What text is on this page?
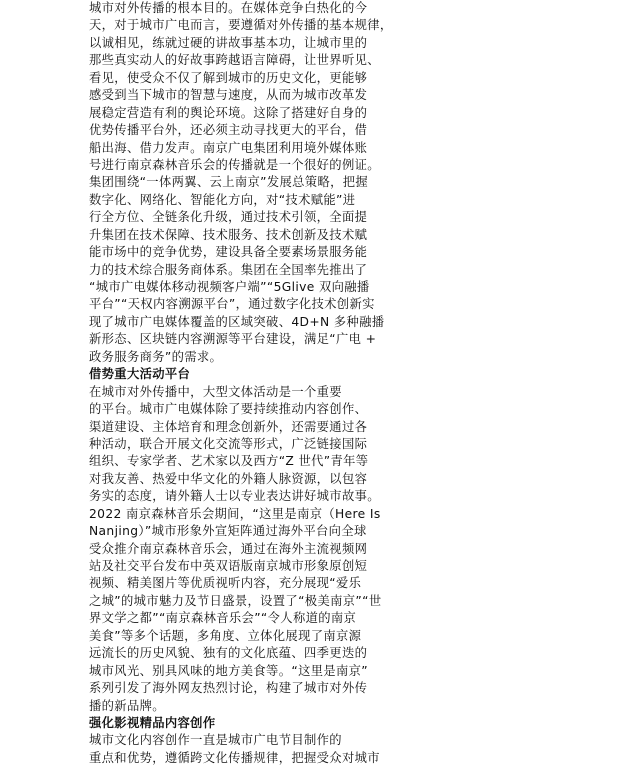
城市对外传播的根本目的。在媒体竞争白热化的今
天，对于城市广电而言，要遵循对外传播的基本规律，
以诚相见，练就过硬的讲故事基本功，让城市里的
那些真实动人的好故事跨越语言障碍，让世界听见、
看见，使受众不仅了解到城市的历史文化，更能够
感受到当下城市的智慧与速度，从而为城市改革发
展稳定营造有利的舆论环境。这除了搭建好自身的
优势传播平台外，还必须主动寻找更大的平台，借
船出海、借力发声。南京广电集团利用境外媒体账
号进行南京森林音乐会的传播就是一个很好的例证。
集团围绕“一体两翼、云上南京”发展总策略，把握
数字化、网络化、智能化方向，对“技术赋能”进
行全方位、全链条化升级，通过技术引领，全面提
升集团在技术保障、技术服务、技术创新及技术赋
能市场中的竞争优势，建设具备全要素场景服务能
力的技术综合服务商体系。集团在全国率先推出了
“城市广电媒体移动视频客户端”“5Glive 双向融播
平台”“天权内容溯源平台”，通过数字化技术创新实
现了城市广电媒体覆盖的区域突破、4D+N 多种融播
新形态、区块链内容溯源等平台建设，满足“广电 +
政务服务商务”的需求。
借势重大活动平台
在城市对外传播中，大型文体活动是一个重要
的平台。城市广电媒体除了要持续推动内容创作、
渠道建设、主体培育和理念创新外，还需要通过各
种活动，联合开展文化交流等形式，广泛链接国际
组织、专家学者、艺术家以及西方“Z 世代”青年等
对我友善、热爱中华文化的外籍人脉资源，以包容
务实的态度，请外籍人士以专业表达讲好城市故事。
2022 南京森林音乐会期间，“这里是南京（Here Is
Nanjing）”城市形象外宣矩阵通过海外平台向全球
受众推介南京森林音乐会，通过在海外主流视频网
站及社交平台发布中英双语版南京城市形象原创短
视频、精美图片等优质视听内容，充分展现“爱乐
之城”的城市魅力及节日盛景，设置了“极美南京”“世
界文学之都”“南京森林音乐会”“令人称道的南京
美食”等多个话题，多角度、立体化展现了南京源
远流长的历史风貌、独有的文化底蕴、四季更迭的
城市风光、别具风味的地方美食等。“这里是南京”
系列引发了海外网友热烈讨论，构建了城市对外传
播的新品牌。
强化影视精品内容创作
城市文化内容创作一直是城市广电节目制作的
重点和优势，遵循跨文化传播规律，把握受众对城市
